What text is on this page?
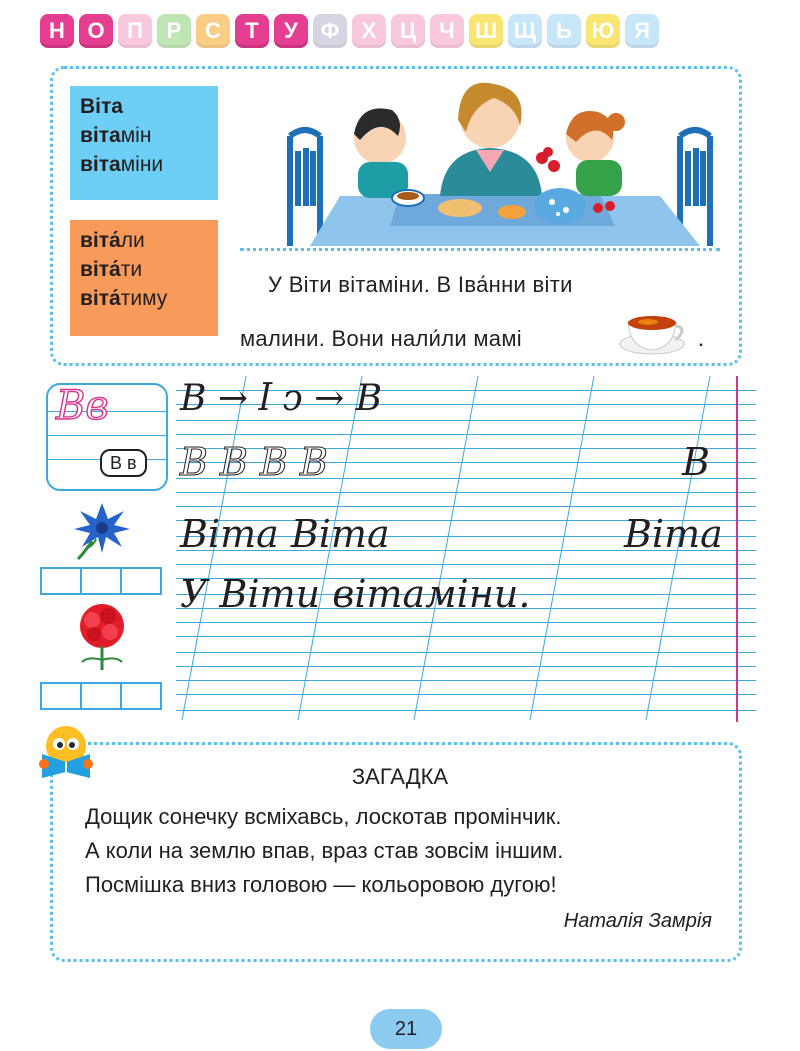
Н	О	П	Р	С	Т	У	Ф	Х	Ц	Ч Ш Щ Ь Ю Я
Віта
вітамін
вітаміни
віта́ли
віта́ти
віта́тиму
У Віти вітаміни. В Іва́нни віти
малини. Вони нали́ли мамі	.
Вв
В в
В → ӏ ↄ → В
В В В В	В
Віта Віта	Віта
У Віти вітаміни.
ЗАГАДКА
Дощик сонечку всміхавсь, лоскотав промінчик.
А коли на землю впав, враз став зовсім іншим.
Посмішка вниз головою — кольоровою дугою!
Наталія Замрія
21
